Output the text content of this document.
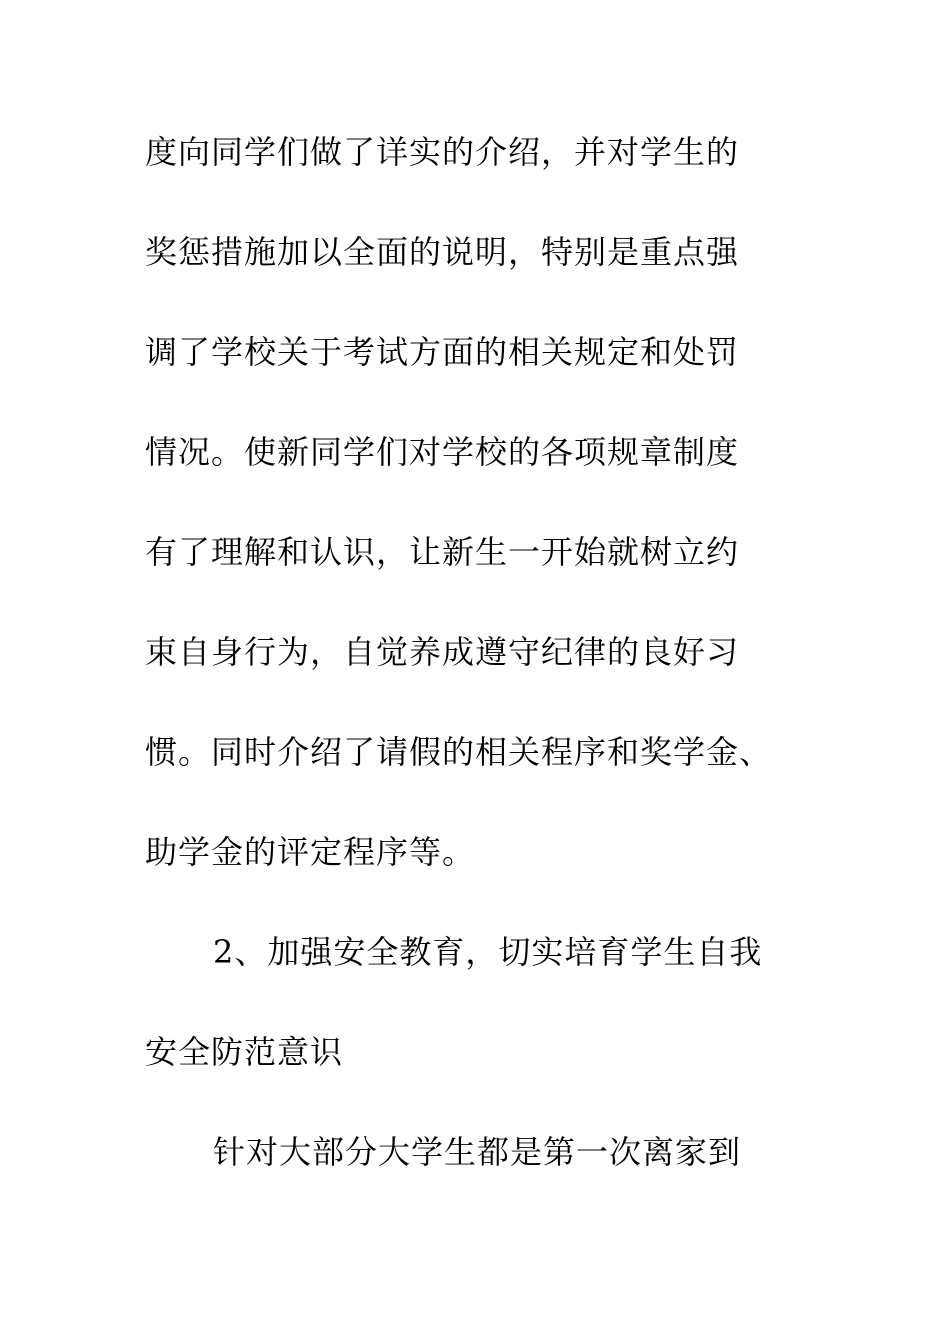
度向同学们做了详实的介绍，并对学生的
奖惩措施加以全面的说明，特别是重点强
调了学校关于考试方面的相关规定和处罚
情况。使新同学们对学校的各项规章制度
有了理解和认识，让新生一开始就树立约
束自身行为，自觉养成遵守纪律的良好习
惯。同时介绍了请假的相关程序和奖学金、
助学金的评定程序等。
2、加强安全教育，切实培育学生自我
安全防范意识
针对大部分大学生都是第一次离家到
